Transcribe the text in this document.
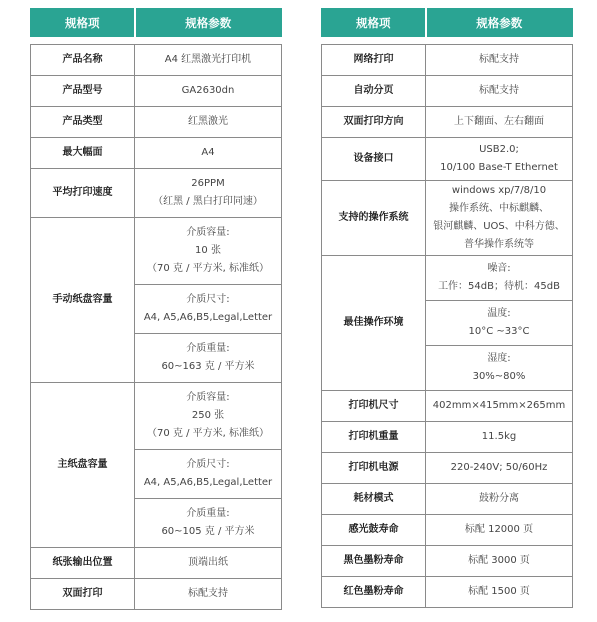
规格项	规格参数

产品名称	A4 红黑激光打印机
产品型号	GA2630dn
产品类型	红黑激光
最大幅面	A4
平均打印速度	26PPM
（红黑 / 黑白打印同速）

手动纸盘容量	介质容量:
10 张
（70 克 / 平方米, 标准纸）

	介质尺寸:
A4, A5,A6,B5,Legal,Letter

	介质重量:
60~163 克 / 平方米

主纸盘容量	介质容量:
250 张
（70 克 / 平方米, 标准纸）

	介质尺寸:
A4, A5,A6,B5,Legal,Letter

	介质重量:
60~105 克 / 平方米

纸张输出位置	顶端出纸
双面打印	标配支持
规格项	规格参数

网络打印	标配支持
自动分页	标配支持
双面打印方向	上下翻面、左右翻面
设备接口	USB2.0;
10/100 Base-T Ethernet

支持的操作系统	windows xp/7/8/10
操作系统、中标麒麟、
银河麒麟、UOS、中科方德、
普华操作系统等

最佳操作环境	噪音:
工作：54dB；待机：45dB

	温度:
10°C ~33°C

	湿度:
30%~80%

打印机尺寸	402mm×415mm×265mm
打印机重量	11.5kg
打印机电源	220-240V; 50/60Hz
耗材模式	鼓粉分离
感光鼓寿命	标配 12000 页
黑色墨粉寿命	标配 3000 页
红色墨粉寿命	标配 1500 页
